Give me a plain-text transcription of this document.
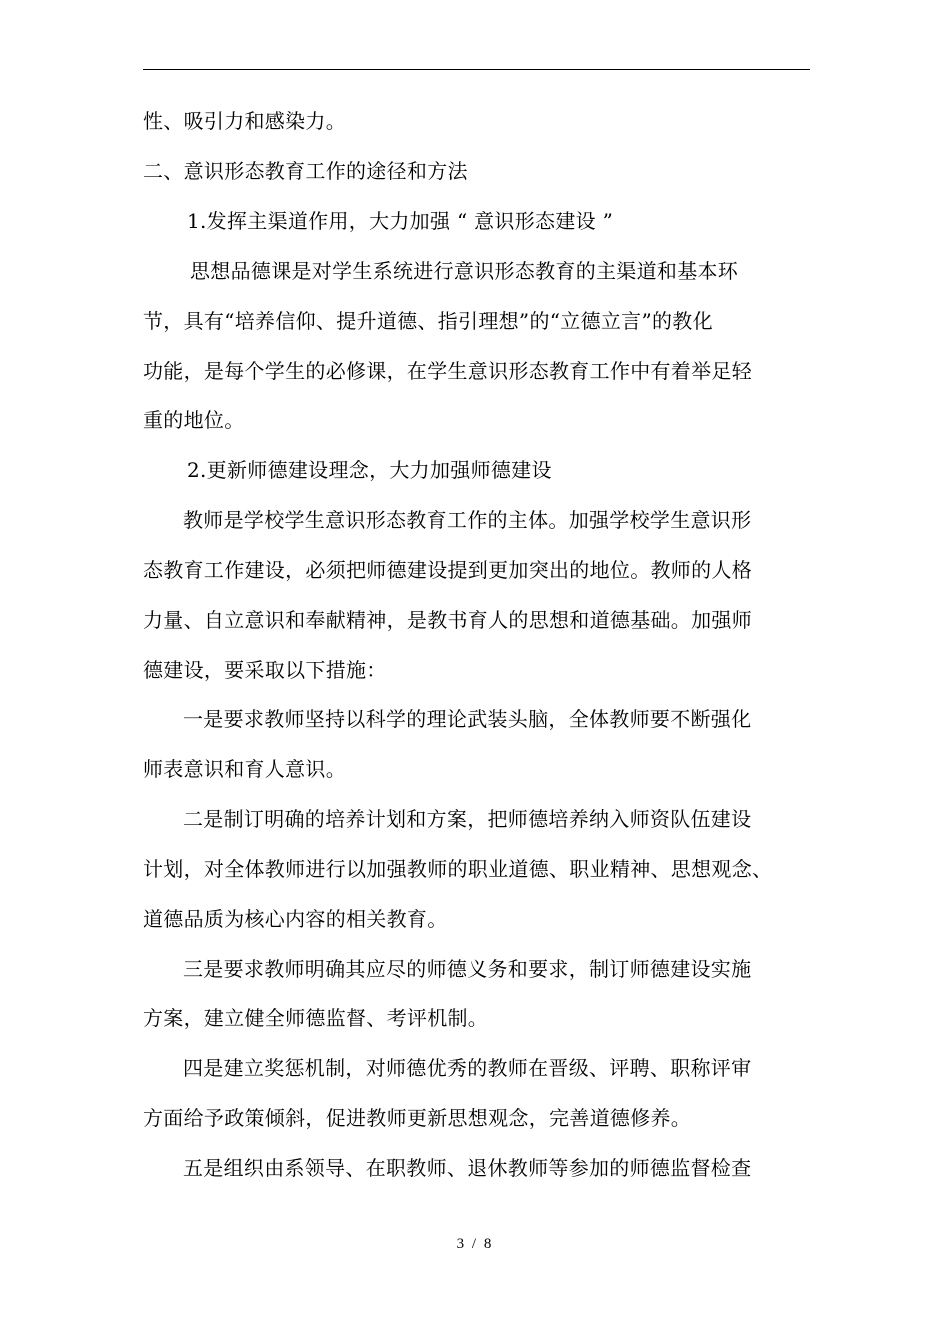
性、吸引力和感染力。
二、意识形态教育工作的途径和方法
1.发挥主渠道作用，大力加强 “ 意识形态建设 ”
思想品德课是对学生系统进行意识形态教育的主渠道和基本环
节，具有“培养信仰、提升道德、指引理想”的“立德立言”的教化
功能，是每个学生的必修课，在学生意识形态教育工作中有着举足轻
重的地位。
2.更新师德建设理念，大力加强师德建设
教师是学校学生意识形态教育工作的主体。加强学校学生意识形
态教育工作建设，必须把师德建设提到更加突出的地位。教师的人格
力量、自立意识和奉献精神，是教书育人的思想和道德基础。加强师
德建设，要采取以下措施：
一是要求教师坚持以科学的理论武装头脑，全体教师要不断强化
师表意识和育人意识。
二是制订明确的培养计划和方案，把师德培养纳入师资队伍建设
计划，对全体教师进行以加强教师的职业道德、职业精神、思想观念、
道德品质为核心内容的相关教育。
三是要求教师明确其应尽的师德义务和要求，制订师德建设实施
方案，建立健全师德监督、考评机制。
四是建立奖惩机制，对师德优秀的教师在晋级、评聘、职称评审
方面给予政策倾斜，促进教师更新思想观念，完善道德修养。
五是组织由系领导、在职教师、退休教师等参加的师德监督检查
3 / 8
